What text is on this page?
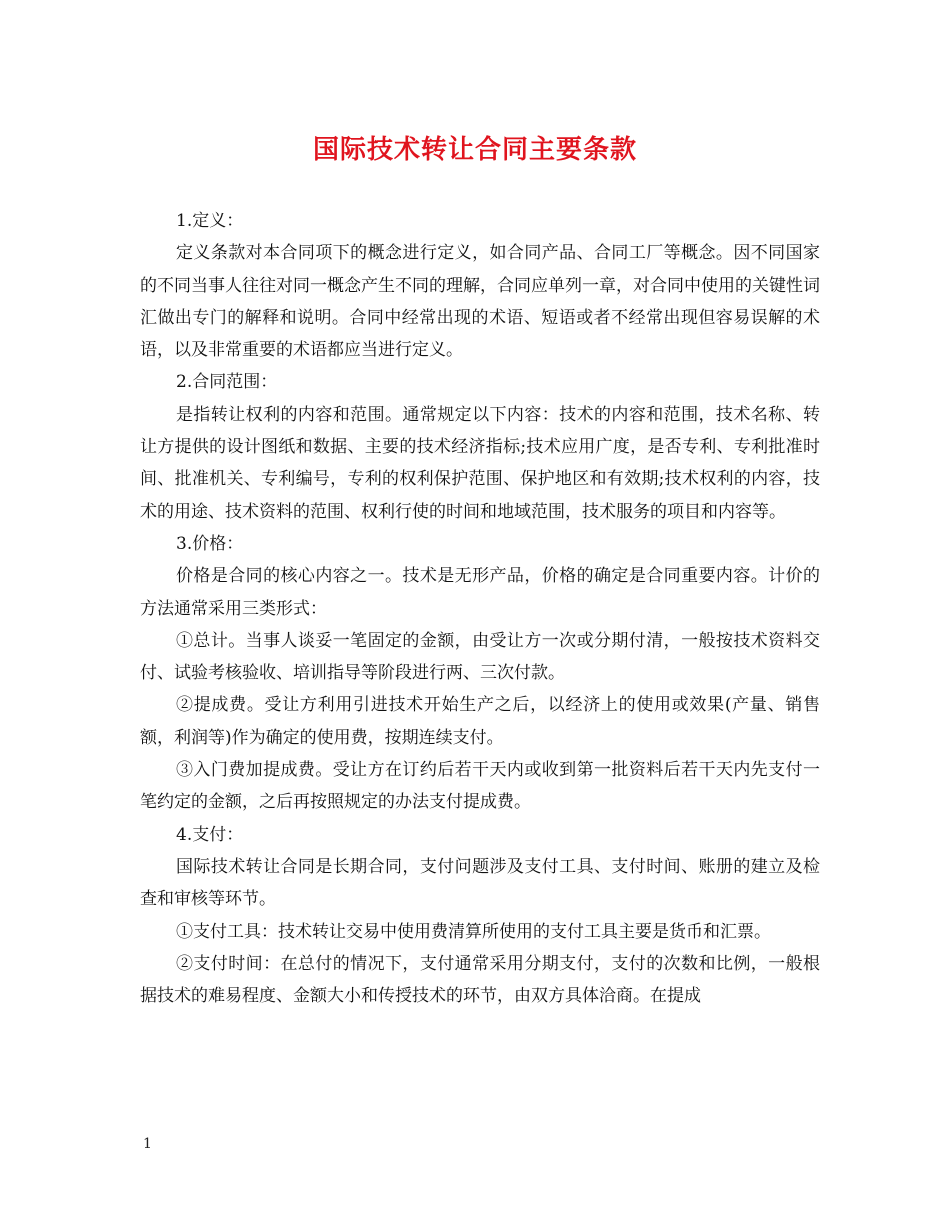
国际技术转让合同主要条款

1.定义：

定义条款对本合同项下的概念进行定义，如合同产品、合同工厂等概念。因不同国家的不同当事人往往对同一概念产生不同的理解，合同应单列一章，对合同中使用的关键性词汇做出专门的解释和说明。合同中经常出现的术语、短语或者不经常出现但容易误解的术语，以及非常重要的术语都应当进行定义。

2.合同范围：

是指转让权利的内容和范围。通常规定以下内容：技术的内容和范围，技术名称、转让方提供的设计图纸和数据、主要的技术经济指标;技术应用广度，是否专利、专利批准时间、批准机关、专利编号，专利的权利保护范围、保护地区和有效期;技术权利的内容，技术的用途、技术资料的范围、权利行使的时间和地域范围，技术服务的项目和内容等。

3.价格：

价格是合同的核心内容之一。技术是无形产品，价格的确定是合同重要内容。计价的方法通常采用三类形式：

①总计。当事人谈妥一笔固定的金额，由受让方一次或分期付清，一般按技术资料交付、试验考核验收、培训指导等阶段进行两、三次付款。

②提成费。受让方利用引进技术开始生产之后，以经济上的使用或效果(产量、销售额，利润等)作为确定的使用费，按期连续支付。

③入门费加提成费。受让方在订约后若干天内或收到第一批资料后若干天内先支付一笔约定的金额，之后再按照规定的办法支付提成费。

4.支付：

国际技术转让合同是长期合同，支付问题涉及支付工具、支付时间、账册的建立及检查和审核等环节。

①支付工具：技术转让交易中使用费清算所使用的支付工具主要是货币和汇票。

②支付时间：在总付的情况下，支付通常采用分期支付，支付的次数和比例，一般根据技术的难易程度、金额大小和传授技术的环节，由双方具体洽商。在提成

1
